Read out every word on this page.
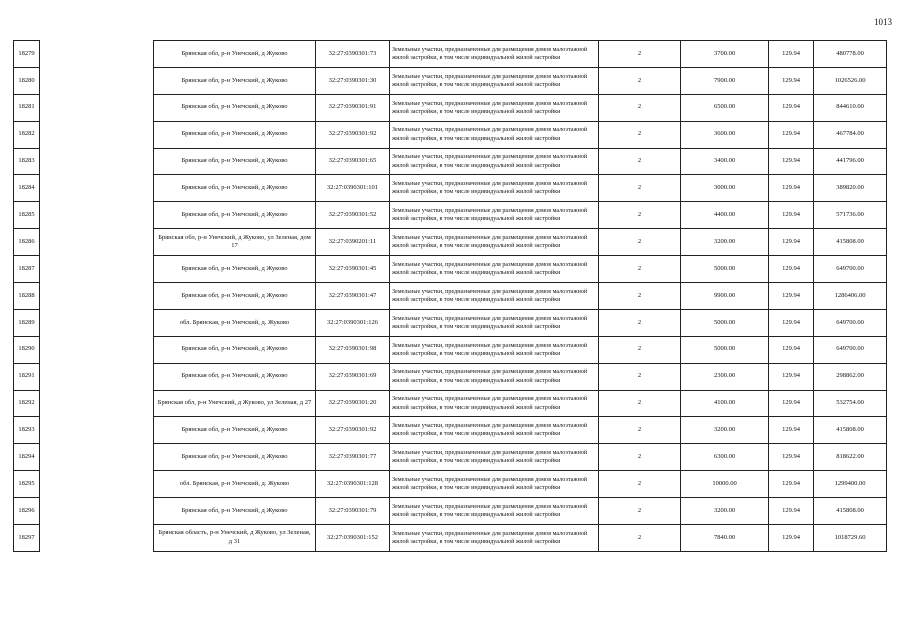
1013
18279		Брянская обл, р-н Унечский, д Жуково	32:27:0390301:73	Земельные участки, предназначенные для размещения домов малоэтажной жилой застройки, в том числе индивидуальной жилой застройки	2	3700.00	129.94	480778.00
18280		Брянская обл, р-н Унечский, д Жуково	32:27:0390301:30	Земельные участки, предназначенные для размещения домов малоэтажной жилой застройки, в том числе индивидуальной жилой застройки	2	7900.00	129.94	1026526.00
18281		Брянская обл, р-н Унечский, д Жуково	32:27:0390301:91	Земельные участки, предназначенные для размещения домов малоэтажной жилой застройки, в том числе индивидуальной жилой застройки	2	6500.00	129.94	844610.00
18282		Брянская обл, р-н Унечский, д Жуково	32:27:0390301:92	Земельные участки, предназначенные для размещения домов малоэтажной жилой застройки, в том числе индивидуальной жилой застройки	2	3600.00	129.94	467784.00
18283		Брянская обл, р-н Унечский, д Жуково	32:27:0390301:65	Земельные участки, предназначенные для размещения домов малоэтажной жилой застройки, в том числе индивидуальной жилой застройки	2	3400.00	129.94	441796.00
18284		Брянская обл, р-н Унечский, д Жуково	32:27:0390301:101	Земельные участки, предназначенные для размещения домов малоэтажной жилой застройки, в том числе индивидуальной жилой застройки	2	3000.00	129.94	389820.00
18285		Брянская обл, р-н Унечский, д Жуково	32:27:0390301:52	Земельные участки, предназначенные для размещения домов малоэтажной жилой застройки, в том числе индивидуальной жилой застройки	2	4400.00	129.94	571736.00
18286		Брянская обл, р-н Унечский, д Жуково, ул Зеленая, дом 17	32:27:0390201:11	Земельные участки, предназначенные для размещения домов малоэтажной жилой застройки, в том числе индивидуальной жилой застройки	2	3200.00	129.94	415808.00
18287		Брянская обл, р-н Унечский, д Жуково	32:27:0390301:45	Земельные участки, предназначенные для размещения домов малоэтажной жилой застройки, в том числе индивидуальной жилой застройки	2	5000.00	129.94	649700.00
18288		Брянская обл, р-н Унечский, д Жуково	32:27:0390301:47	Земельные участки, предназначенные для размещения домов малоэтажной жилой застройки, в том числе индивидуальной жилой застройки	2	9900.00	129.94	1286406.00
18289		обл. Брянская, р-н Унечский, д. Жуково	32:27:0390301:126	Земельные участки, предназначенные для размещения домов малоэтажной жилой застройки, в том числе индивидуальной жилой застройки	2	5000.00	129.94	649700.00
18290		Брянская обл, р-н Унечский, д Жуково	32:27:0390301:98	Земельные участки, предназначенные для размещения домов малоэтажной жилой застройки, в том числе индивидуальной жилой застройки	2	5000.00	129.94	649700.00
18291		Брянская обл, р-н Унечский, д Жуково	32:27:0390301:69	Земельные участки, предназначенные для размещения домов малоэтажной жилой застройки, в том числе индивидуальной жилой застройки	2	2300.00	129.94	298862.00
18292		Брянская обл, р-н Унечский, д Жуково, ул Зеленая, д 27	32:27:0390301:20	Земельные участки, предназначенные для размещения домов малоэтажной жилой застройки, в том числе индивидуальной жилой застройки	2	4100.00	129.94	532754.00
18293		Брянская обл, р-н Унечский, д Жуково	32:27:0390301:92	Земельные участки, предназначенные для размещения домов малоэтажной жилой застройки, в том числе индивидуальной жилой застройки	2	3200.00	129.94	415808.00
18294		Брянская обл, р-н Унечский, д Жуково	32:27:0390301:77	Земельные участки, предназначенные для размещения домов малоэтажной жилой застройки, в том числе индивидуальной жилой застройки	2	6300.00	129.94	818622.00
18295		обл. Брянская, р-н Унечский, д. Жуково	32:27:0390301:128	Земельные участки, предназначенные для размещения домов малоэтажной жилой застройки, в том числе индивидуальной жилой застройки	2	10000.00	129.94	1299400.00
18296		Брянская обл, р-н Унечский, д Жуково	32:27:0390301:79	Земельные участки, предназначенные для размещения домов малоэтажной жилой застройки, в том числе индивидуальной жилой застройки	2	3200.00	129.94	415808.00
18297		Брянская область, р-н Унечский, д Жуково, ул Зеленая, д 31	32:27:0390301:152	Земельные участки, предназначенные для размещения домов малоэтажной жилой застройки, в том числе индивидуальной жилой застройки	2	7840.00	129.94	1018729.60
